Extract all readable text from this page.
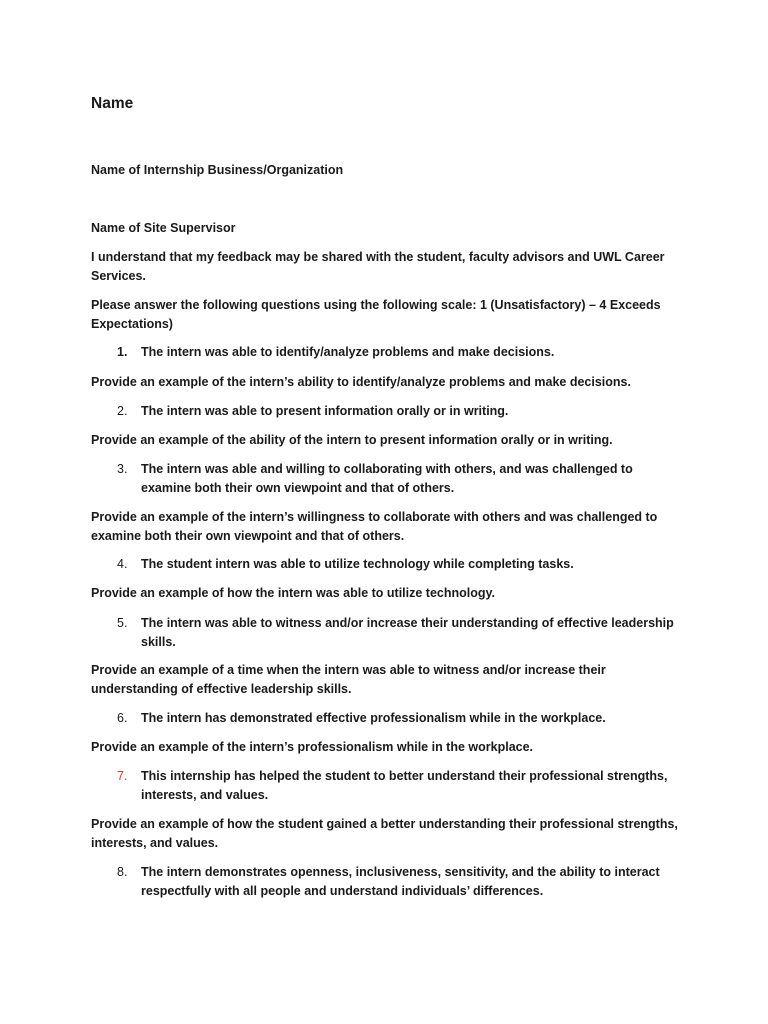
Name

Name of Internship Business/Organization

Name of Site Supervisor

I understand that my feedback may be shared with the student, faculty advisors and UWL Career Services.

Please answer the following questions using the following scale: 1 (Unsatisfactory) – 4 Exceeds Expectations)

1.	The intern was able to identify/analyze problems and make decisions.

Provide an example of the intern’s ability to identify/analyze problems and make decisions.

2.	The intern was able to present information orally or in writing.

Provide an example of the ability of the intern to present information orally or in writing.

3.	The intern was able and willing to collaborating with others, and was challenged to examine both their own viewpoint and that of others.

Provide an example of the intern’s willingness to collaborate with others and was challenged to examine both their own viewpoint and that of others.

4.	The student intern was able to utilize technology while completing tasks.

Provide an example of how the intern was able to utilize technology.

5.	The intern was able to witness and/or increase their understanding of effective leadership skills.

Provide an example of a time when the intern was able to witness and/or increase their understanding of effective leadership skills.

6.	The intern has demonstrated effective professionalism while in the workplace.

Provide an example of the intern’s professionalism while in the workplace.

7.	This internship has helped the student to better understand their professional strengths, interests, and values.

Provide an example of how the student gained a better understanding their professional strengths, interests, and values.

8.	The intern demonstrates openness, inclusiveness, sensitivity, and the ability to interact respectfully with all people and understand individuals’ differences.
